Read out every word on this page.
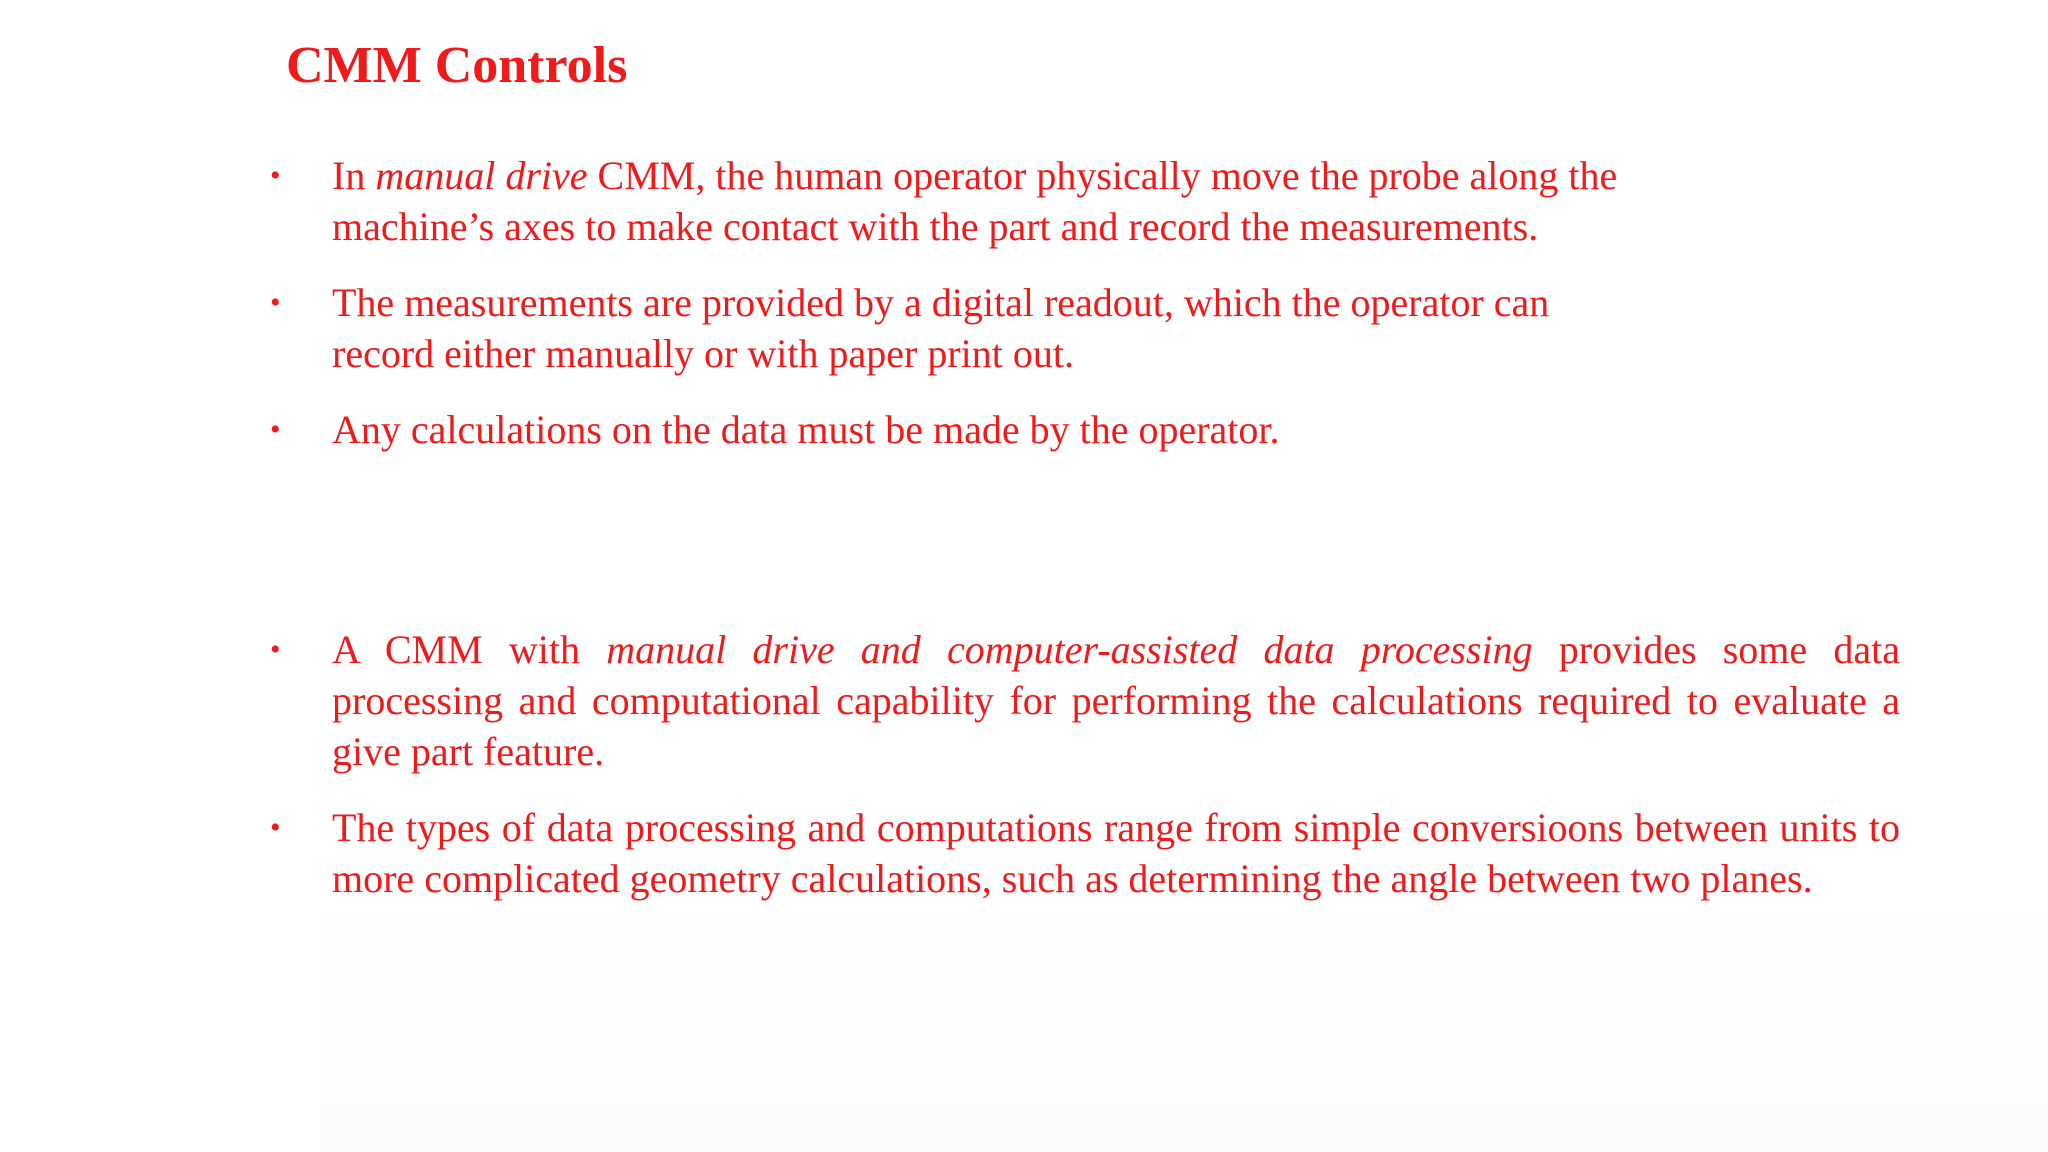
CMM Controls
•	In manual drive CMM, the human operator physically move the probe along the
machine’s axes to make contact with the part and record the measurements.
•	The measurements are provided by a digital readout, which the operator can
record either manually or with paper print out.
•	Any calculations on the data must be made by the operator.
•	A CMM with manual drive and computer-assisted data processing provides some data processing and computational capability for performing the calculations required to evaluate a give part feature.
•	The types of data processing and computations range from simple conversioons between units to more complicated geometry calculations, such as determining the angle between two planes.
